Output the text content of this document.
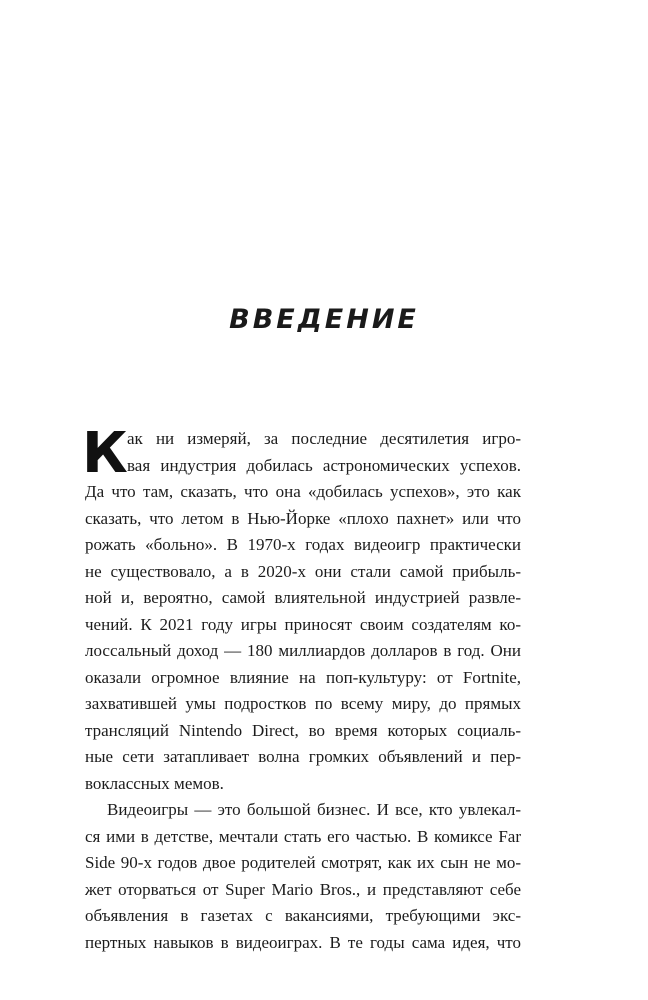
ВВЕДЕНИЕ
К ак ни измеряй, за последние десятилетия игро-
вая индустрия добилась астрономических успехов.
Да что там, сказать, что она «добилась успехов», это как
сказать, что летом в Нью-Йорке «плохо пахнет» или что
рожать «больно». В 1970-х годах видеоигр практически
не существовало, а в 2020-х они стали самой прибыль-
ной и, вероятно, самой влиятельной индустрией развле-
чений. К 2021 году игры приносят своим создателям ко-
лоссальный доход — 180 миллиардов долларов в год. Они
оказали огромное влияние на поп-культуру: от Fortnite,
захватившей умы подростков по всему миру, до прямых
трансляций Nintendo Direct, во время которых социаль-
ные сети затапливает волна громких объявлений и пер-
воклассных мемов.
Видеоигры — это большой бизнес. И все, кто увлекал-
ся ими в детстве, мечтали стать его частью. В комиксе Far
Side 90-х годов двое родителей смотрят, как их сын не мо-
жет оторваться от Super Mario Bros., и представляют себе
объявления в газетах с вакансиями, требующими экс-
пертных навыков в видеоиграх. В те годы сама идея, что
